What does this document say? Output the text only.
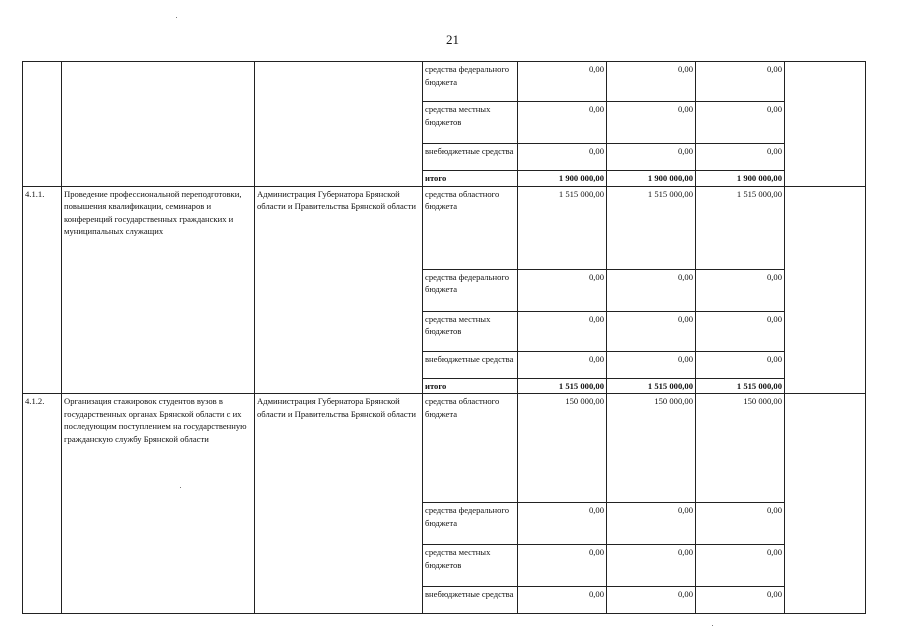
21
			средства федерального бюджета	0,00	0,00	0,00	
			средства местных бюджетов	0,00	0,00	0,00	
			внебюджетные средства	0,00	0,00	0,00	
			итого	1 900 000,00	1 900 000,00	1 900 000,00	
4.1.1.	Проведение профессиональной переподготовки, повышения квалификации, семинаров и конференций государственных гражданских и муниципальных служащих	Администрация Губернатора Брянской области и Правительства Брянской области	средства областного бюджета	1 515 000,00	1 515 000,00	1 515 000,00	
			средства федерального бюджета	0,00	0,00	0,00	
			средства местных бюджетов	0,00	0,00	0,00	
			внебюджетные средства	0,00	0,00	0,00	
			итого	1 515 000,00	1 515 000,00	1 515 000,00	
4.1.2.	Организация стажировок студентов вузов в государственных органах Брянской области с их последующим поступлением на государственную гражданскую службу Брянской области	Администрация Губернатора Брянской области и Правительства Брянской области	средства областного бюджета	150 000,00	150 000,00	150 000,00	
			средства федерального бюджета	0,00	0,00	0,00	
			средства местных бюджетов	0,00	0,00	0,00	
			внебюджетные средства	0,00	0,00	0,00	
